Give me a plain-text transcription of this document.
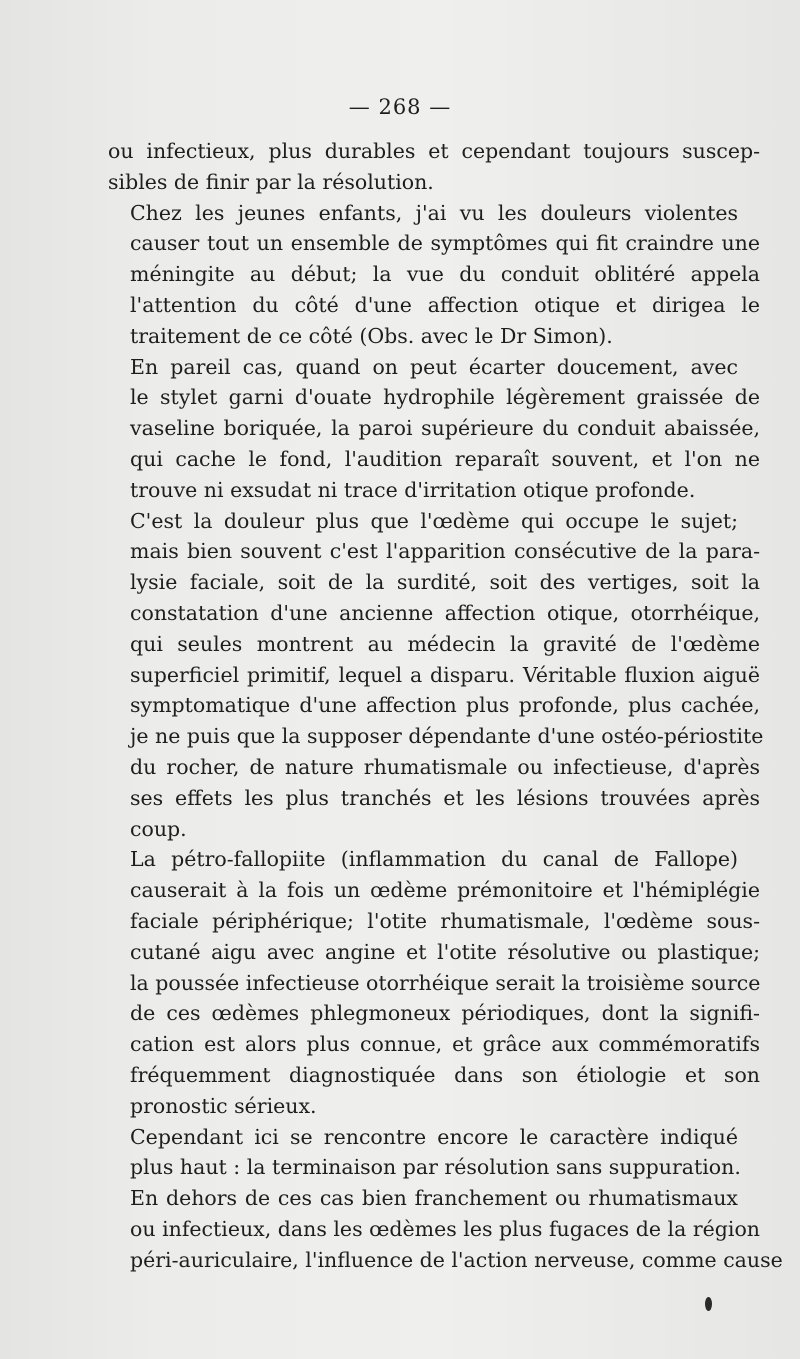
— 268 —

ou infectieux, plus durables et cependant toujours suscep-
sibles de finir par la résolution.

Chez les jeunes enfants, j'ai vu les douleurs violentes
causer tout un ensemble de symptômes qui fit craindre une
méningite au début; la vue du conduit oblitéré appela
l'attention du côté d'une affection otique et dirigea le
traitement de ce côté (Obs. avec le Dr Simon).

En pareil cas, quand on peut écarter doucement, avec
le stylet garni d'ouate hydrophile légèrement graissée de
vaseline boriquée, la paroi supérieure du conduit abaissée,
qui cache le fond, l'audition reparaît souvent, et l'on ne
trouve ni exsudat ni trace d'irritation otique profonde.

C'est la douleur plus que l'œdème qui occupe le sujet;
mais bien souvent c'est l'apparition consécutive de la para-
lysie faciale, soit de la surdité, soit des vertiges, soit la
constatation d'une ancienne affection otique, otorrhéique,
qui seules montrent au médecin la gravité de l'œdème
superficiel primitif, lequel a disparu. Véritable fluxion aiguë
symptomatique d'une affection plus profonde, plus cachée,
je ne puis que la supposer dépendante d'une ostéo-périostite
du rocher, de nature rhumatismale ou infectieuse, d'après
ses effets les plus tranchés et les lésions trouvées après
coup.

La pétro-fallopiite (inflammation du canal de Fallope)
causerait à la fois un œdème prémonitoire et l'hémiplégie
faciale périphérique; l'otite rhumatismale, l'œdème sous-
cutané aigu avec angine et l'otite résolutive ou plastique;
la poussée infectieuse otorrhéique serait la troisième source
de ces œdèmes phlegmoneux périodiques, dont la signifi-
cation est alors plus connue, et grâce aux commémoratifs
fréquemment diagnostiquée dans son étiologie et son
pronostic sérieux.

Cependant ici se rencontre encore le caractère indiqué
plus haut : la terminaison par résolution sans suppuration.

En dehors de ces cas bien franchement ou rhumatismaux
ou infectieux, dans les œdèmes les plus fugaces de la région
péri-auriculaire, l'influence de l'action nerveuse, comme cause
